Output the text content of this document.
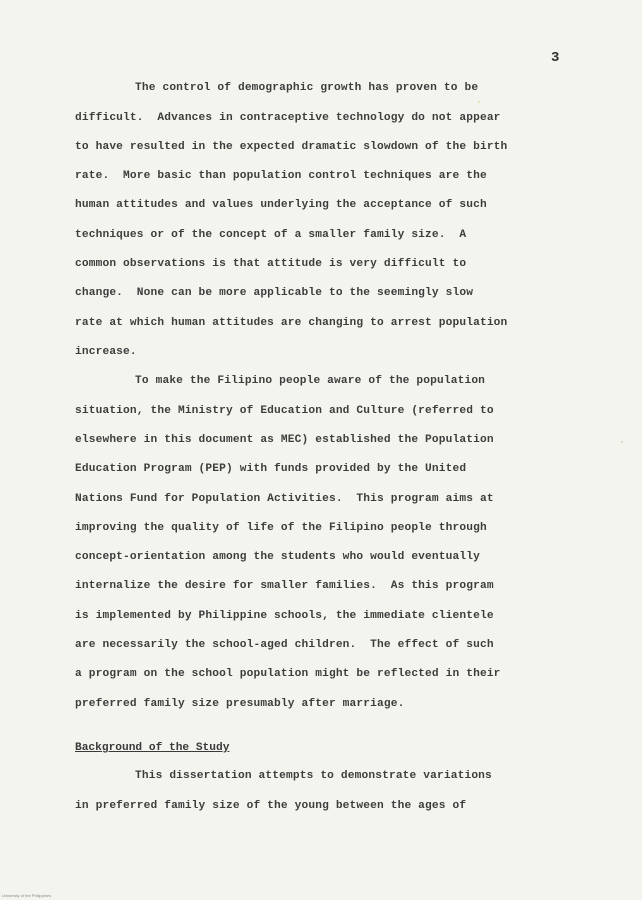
3
The control of demographic growth has proven to be
difficult.  Advances in contraceptive technology do not appear
to have resulted in the expected dramatic slowdown of the birth
rate.  More basic than population control techniques are the
human attitudes and values underlying the acceptance of such
techniques or of the concept of a smaller family size.  A
common observations is that attitude is very difficult to
change.  None can be more applicable to the seemingly slow
rate at which human attitudes are changing to arrest population
increase.
To make the Filipino people aware of the population
situation, the Ministry of Education and Culture (referred to
elsewhere in this document as MEC) established the Population
Education Program (PEP) with funds provided by the United
Nations Fund for Population Activities.  This program aims at
improving the quality of life of the Filipino people through
concept-orientation among the students who would eventually
internalize the desire for smaller families.  As this program
is implemented by Philippine schools, the immediate clientele
are necessarily the school-aged children.  The effect of such
a program on the school population might be reflected in their
preferred family size presumably after marriage.
Background of the Study
This dissertation attempts to demonstrate variations
in preferred family size of the young between the ages of
University of the Philippines
